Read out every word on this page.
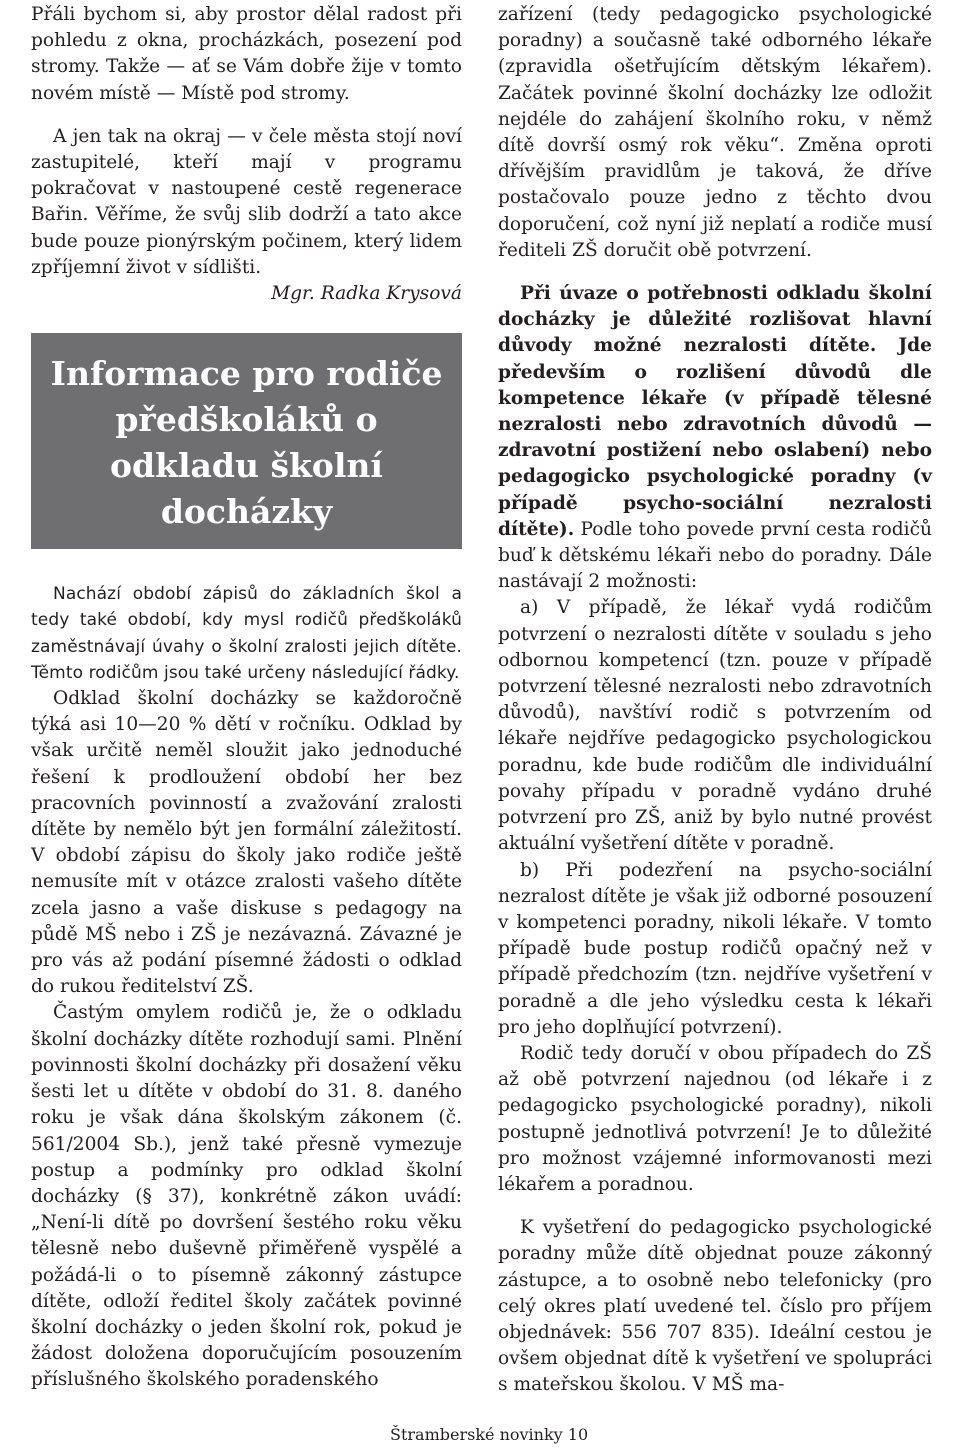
Přáli bychom si, aby prostor dělal radost při pohledu z okna, procházkách, posezení pod stromy. Takže — ať se Vám dobře žije v tomto novém místě — Místě pod stromy.

A jen tak na okraj — v čele města stojí noví zastupitelé, kteří mají v programu pokračovat v nastoupené cestě regenerace Bařin. Věříme, že svůj slib dodrží a tato akce bude pouze pionýrským počinem, který lidem zpříjemní život v sídlišti.

Mgr. Radka Krysová

Informace pro rodiče předškoláků o odkladu školní docházky

Nachází období zápisů do základních škol a tedy také období, kdy mysl rodičů předškoláků zaměstnávají úvahy o školní zralosti jejich dítěte. Těmto rodičům jsou také určeny následující řádky.

Odklad školní docházky se každoročně týká asi 10—20 % dětí v ročníku. Odklad by však určitě neměl sloužit jako jednoduché řešení k prodloužení období her bez pracovních povinností a zvažování zralosti dítěte by nemělo být jen formální záležitostí. V období zápisu do školy jako rodiče ještě nemusíte mít v otázce zralosti vašeho dítěte zcela jasno a vaše diskuse s pedagogy na půdě MŠ nebo i ZŠ je nezávazná. Závazné je pro vás až podání písemné žádosti o odklad do rukou ředitelství ZŠ.

Častým omylem rodičů je, že o odkladu školní docházky dítěte rozhodují sami. Plnění povinnosti školní docházky při dosažení věku šesti let u dítěte v období do 31. 8. daného roku je však dána školským zákonem (č. 561/2004 Sb.), jenž také přesně vymezuje postup a podmínky pro odklad školní docházky (§ 37), konkrétně zákon uvádí: „Není-li dítě po dovršení šestého roku věku tělesně nebo duševně přiměřeně vyspělé a požádá-li o to písemně zákonný zástupce dítěte, odloží ředitel školy začátek povinné školní docházky o jeden školní rok, pokud je žádost doložena doporučujícím posouzením příslušného školského poradenského

zařízení (tedy pedagogicko psychologické poradny) a současně také odborného lékaře (zpravidla ošetřujícím dětským lékařem). Začátek povinné školní docházky lze odložit nejdéle do zahájení školního roku, v němž dítě dovrší osmý rok věku“. Změna oproti dřívějším pravidlům je taková, že dříve postačovalo pouze jedno z těchto dvou doporučení, což nyní již neplatí a rodiče musí řediteli ZŠ doručit obě potvrzení.

Při úvaze o potřebnosti odkladu školní docházky je důležité rozlišovat hlavní důvody možné nezralosti dítěte. Jde především o rozlišení důvodů dle kompetence lékaře (v případě tělesné nezralosti nebo zdravotních důvodů — zdravotní postižení nebo oslabení) nebo pedagogicko psychologické poradny (v případě psycho-sociální nezralosti dítěte). Podle toho povede první cesta rodičů buď k dětskému lékaři nebo do poradny. Dále nastávají 2 možnosti:

a) V případě, že lékař vydá rodičům potvrzení o nezralosti dítěte v souladu s jeho odbornou kompetencí (tzn. pouze v případě potvrzení tělesné nezralosti nebo zdravotních důvodů), navštíví rodič s potvrzením od lékaře nejdříve pedagogicko psychologickou poradnu, kde bude rodičům dle individuální povahy případu v poradně vydáno druhé potvrzení pro ZŠ, aniž by bylo nutné provést aktuální vyšetření dítěte v poradně.

b) Při podezření na psycho-sociální nezralost dítěte je však již odborné posouzení v kompetenci poradny, nikoli lékaře. V tomto případě bude postup rodičů opačný než v případě předchozím (tzn. nejdříve vyšetření v poradně a dle jeho výsledku cesta k lékaři pro jeho doplňující potvrzení).

Rodič tedy doručí v obou případech do ZŠ až obě potvrzení najednou (od lékaře i z pedagogicko psychologické poradny), nikoli postupně jednotlivá potvrzení! Je to důležité pro možnost vzájemné informovanosti mezi lékařem a poradnou.

K vyšetření do pedagogicko psychologické poradny může dítě objednat pouze zákonný zástupce, a to osobně nebo telefonicky (pro celý okres platí uvedené tel. číslo pro příjem objednávek: 556 707 835). Ideální cestou je ovšem objednat dítě k vyšetření ve spolupráci s mateřskou školou. V MŠ ma-

Štramberské novinky 10
